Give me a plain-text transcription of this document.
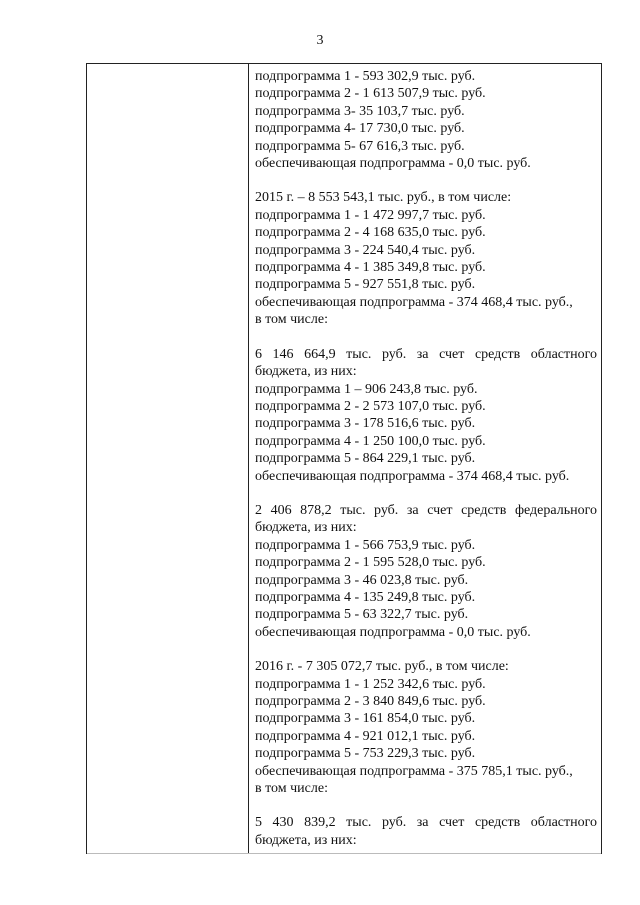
3
подпрограмма 1 - 593 302,9 тыс. руб.
подпрограмма 2 - 1 613 507,9 тыс. руб.
подпрограмма 3- 35 103,7 тыс. руб.
подпрограмма 4- 17 730,0 тыс. руб.
подпрограмма 5- 67 616,3 тыс. руб.
обеспечивающая подпрограмма - 0,0 тыс. руб.
2015 г. – 8 553 543,1 тыс. руб., в том числе:
подпрограмма 1 - 1 472 997,7 тыс. руб.
подпрограмма 2 - 4 168 635,0 тыс. руб.
подпрограмма 3 - 224 540,4 тыс. руб.
подпрограмма 4 - 1 385 349,8 тыс. руб.
подпрограмма 5 - 927 551,8 тыс. руб.
обеспечивающая подпрограмма - 374 468,4 тыс. руб.,
в том числе:
6 146 664,9 тыс. руб. за счет средств областного
бюджета, из них:
подпрограмма 1 – 906 243,8 тыс. руб.
подпрограмма 2 - 2 573 107,0 тыс. руб.
подпрограмма 3 - 178 516,6 тыс. руб.
подпрограмма 4 - 1 250 100,0 тыс. руб.
подпрограмма 5 - 864 229,1 тыс. руб.
обеспечивающая подпрограмма - 374 468,4 тыс. руб.
2 406 878,2 тыс. руб. за счет средств федерального
бюджета, из них:
подпрограмма 1 - 566 753,9 тыс. руб.
подпрограмма 2 - 1 595 528,0 тыс. руб.
подпрограмма 3 - 46 023,8 тыс. руб.
подпрограмма 4 - 135 249,8 тыс. руб.
подпрограмма 5 - 63 322,7 тыс. руб.
обеспечивающая подпрограмма - 0,0 тыс. руб.
2016 г. - 7 305 072,7 тыс. руб., в том числе:
подпрограмма 1 - 1 252 342,6 тыс. руб.
подпрограмма 2 - 3 840 849,6 тыс. руб.
подпрограмма 3 - 161 854,0 тыс. руб.
подпрограмма 4 - 921 012,1 тыс. руб.
подпрограмма 5 - 753 229,3 тыс. руб.
обеспечивающая подпрограмма - 375 785,1 тыс. руб.,
в том числе:
5 430 839,2 тыс. руб. за счет средств областного
бюджета, из них:
